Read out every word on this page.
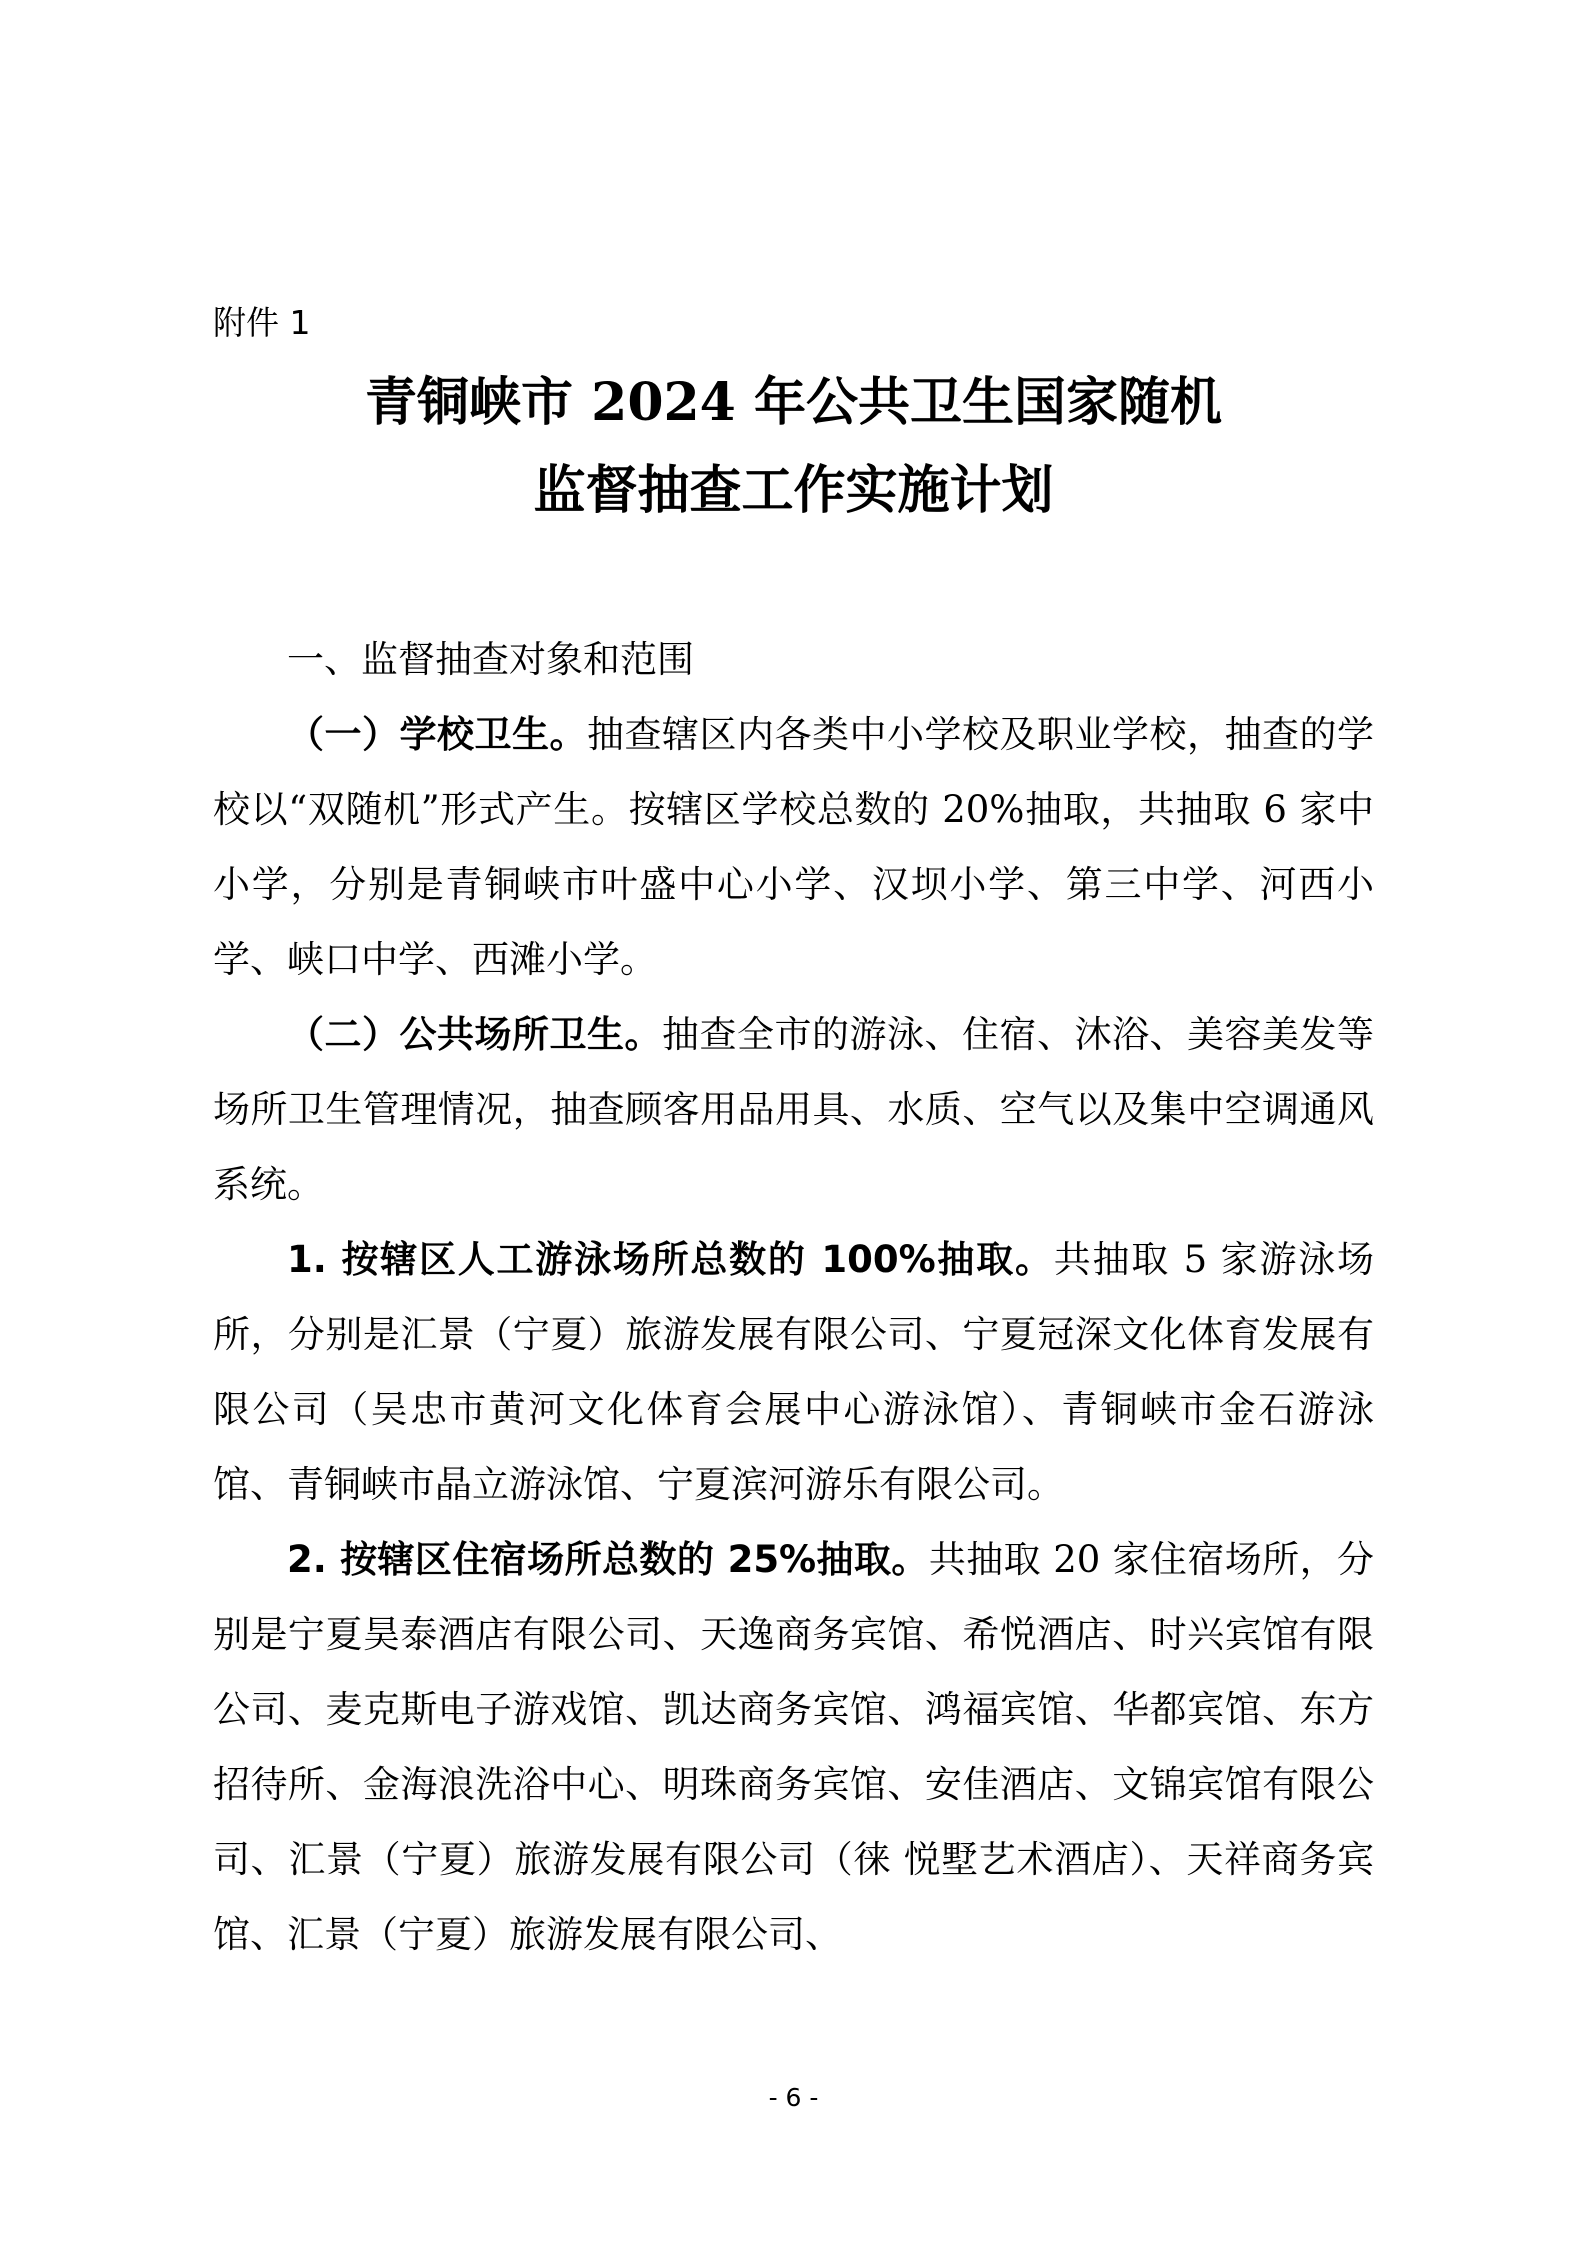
附件 1
青铜峡市 2024 年公共卫生国家随机
监督抽查工作实施计划

一、监督抽查对象和范围

（一）学校卫生。抽查辖区内各类中小学校及职业学校，抽查的学校以“双随机”形式产生。按辖区学校总数的 20%抽取，共抽取 6 家中小学，分别是青铜峡市叶盛中心小学、汉坝小学、第三中学、河西小学、峡口中学、西滩小学。

（二）公共场所卫生。抽查全市的游泳、住宿、沐浴、美容美发等场所卫生管理情况，抽查顾客用品用具、水质、空气以及集中空调通风系统。

1. 按辖区人工游泳场所总数的 100%抽取。共抽取 5 家游泳场所，分别是汇景（宁夏）旅游发展有限公司、宁夏冠深文化体育发展有限公司（吴忠市黄河文化体育会展中心游泳馆）、青铜峡市金石游泳馆、青铜峡市晶立游泳馆、宁夏滨河游乐有限公司。

2. 按辖区住宿场所总数的 25%抽取。共抽取 20 家住宿场所，分别是宁夏昊泰酒店有限公司、天逸商务宾馆、希悦酒店、时兴宾馆有限公司、麦克斯电子游戏馆、凯达商务宾馆、鸿福宾馆、华都宾馆、东方招待所、金海浪洗浴中心、明珠商务宾馆、安佳酒店、文锦宾馆有限公司、汇景（宁夏）旅游发展有限公司（徕 悦墅艺术酒店）、天祥商务宾馆、汇景（宁夏）旅游发展有限公司、

- 6 -
